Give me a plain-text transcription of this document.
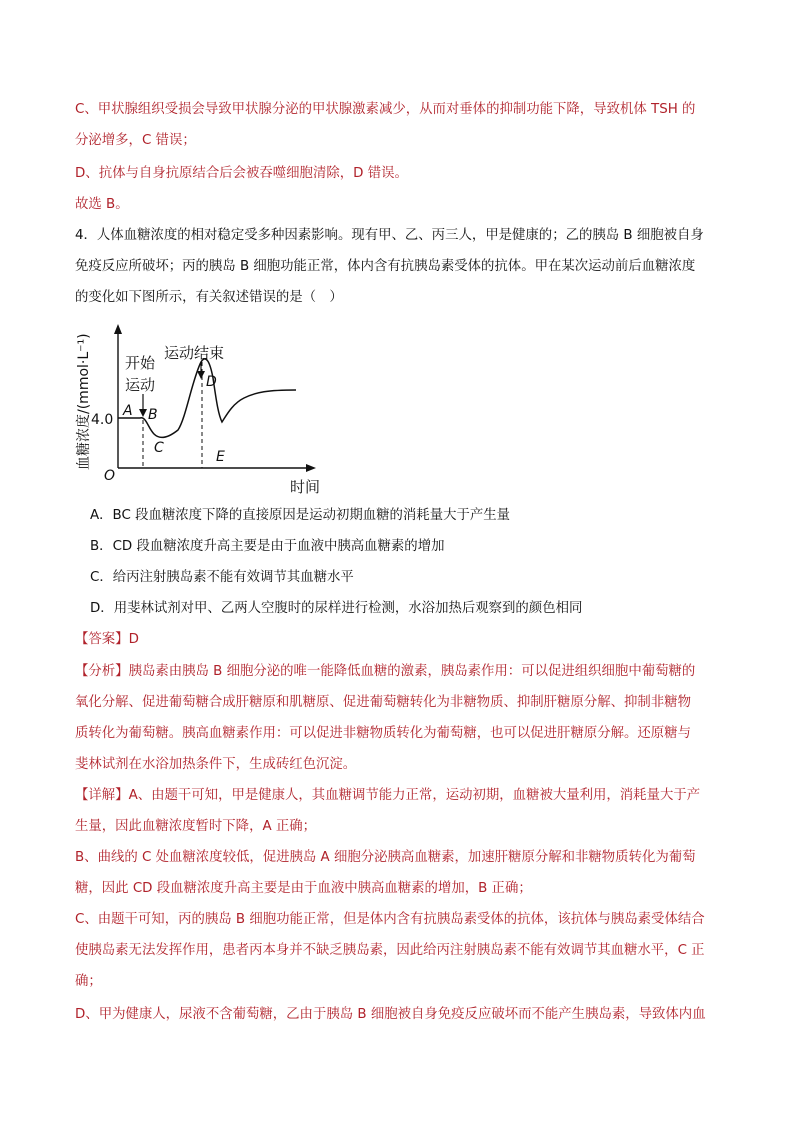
C、甲状腺组织受损会导致甲状腺分泌的甲状腺激素减少，从而对垂体的抑制功能下降，导致机体 TSH 的
分泌增多，C 错误；
D、抗体与自身抗原结合后会被吞噬细胞清除，D 错误。
故选 B。
4．人体血糖浓度的相对稳定受多种因素影响。现有甲、乙、丙三人，甲是健康的；乙的胰岛 B 细胞被自身
免疫反应所破坏；丙的胰岛 B 细胞功能正常，体内含有抗胰岛素受体的抗体。甲在某次运动前后血糖浓度
的变化如下图所示，有关叙述错误的是（　）
血糖浓度/(mmol·L⁻¹)
O
4.0
时间
开始
运动
运动结束
A B
C
D
E
A．BC 段血糖浓度下降的直接原因是运动初期血糖的消耗量大于产生量
B．CD 段血糖浓度升高主要是由于血液中胰高血糖素的增加
C．给丙注射胰岛素不能有效调节其血糖水平
D．用斐林试剂对甲、乙两人空腹时的尿样进行检测，水浴加热后观察到的颜色相同
【答案】D
【分析】胰岛素由胰岛 B 细胞分泌的唯一能降低血糖的激素，胰岛素作用：可以促进组织细胞中葡萄糖的
氧化分解、促进葡萄糖合成肝糖原和肌糖原、促进葡萄糖转化为非糖物质、抑制肝糖原分解、抑制非糖物
质转化为葡萄糖。胰高血糖素作用：可以促进非糖物质转化为葡萄糖，也可以促进肝糖原分解。还原糖与
斐林试剂在水浴加热条件下，生成砖红色沉淀。
【详解】A、由题干可知，甲是健康人，其血糖调节能力正常，运动初期，血糖被大量利用，消耗量大于产
生量，因此血糖浓度暂时下降，A 正确；
B、曲线的 C 处血糖浓度较低，促进胰岛 A 细胞分泌胰高血糖素，加速肝糖原分解和非糖物质转化为葡萄
糖，因此 CD 段血糖浓度升高主要是由于血液中胰高血糖素的增加，B 正确；
C、由题干可知，丙的胰岛 B 细胞功能正常，但是体内含有抗胰岛素受体的抗体，该抗体与胰岛素受体结合
使胰岛素无法发挥作用，患者丙本身并不缺乏胰岛素，因此给丙注射胰岛素不能有效调节其血糖水平，C 正
确；
D、甲为健康人，尿液不含葡萄糖，乙由于胰岛 B 细胞被自身免疫反应破坏而不能产生胰岛素，导致体内血
